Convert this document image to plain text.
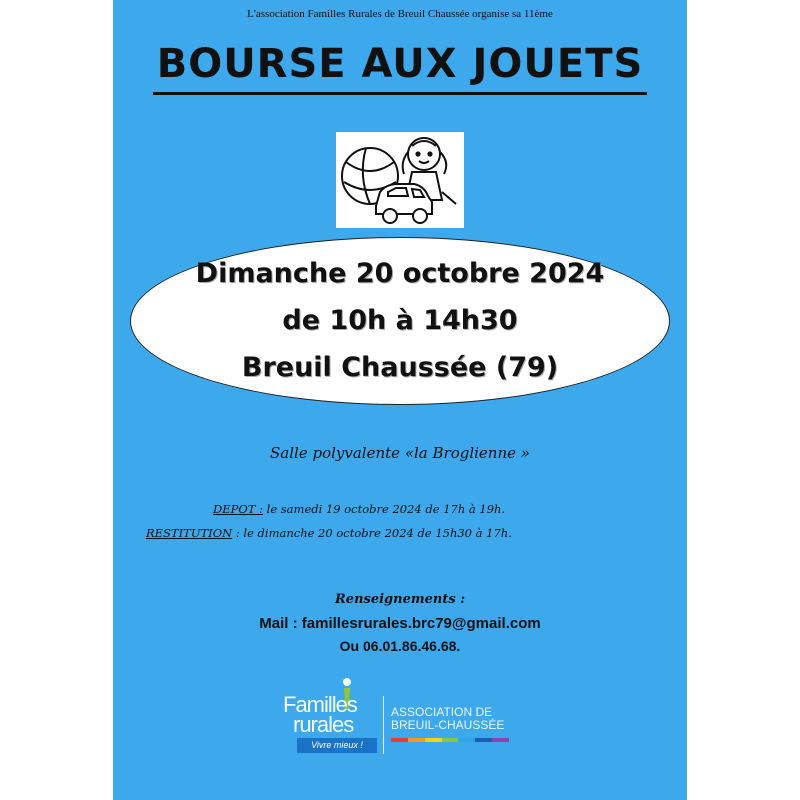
L'association Familles Rurales de Breuil Chaussée organise sa 11ème
BOURSE AUX JOUETS
Dimanche 20 octobre 2024
de 10h à 14h30
Breuil Chaussée (79)
Salle polyvalente «la Broglienne »
DEPOT : le samedi 19 octobre 2024 de 17h à 19h.
RESTITUTION : le dimanche 20 octobre 2024 de 15h30 à 17h.
Renseignements :
Mail : famillesrurales.brc79@gmail.com
Ou 06.01.86.46.68.
Familles
rurales
Vivre mieux !
ASSOCIATION DE
BREUIL-CHAUSSÉE
